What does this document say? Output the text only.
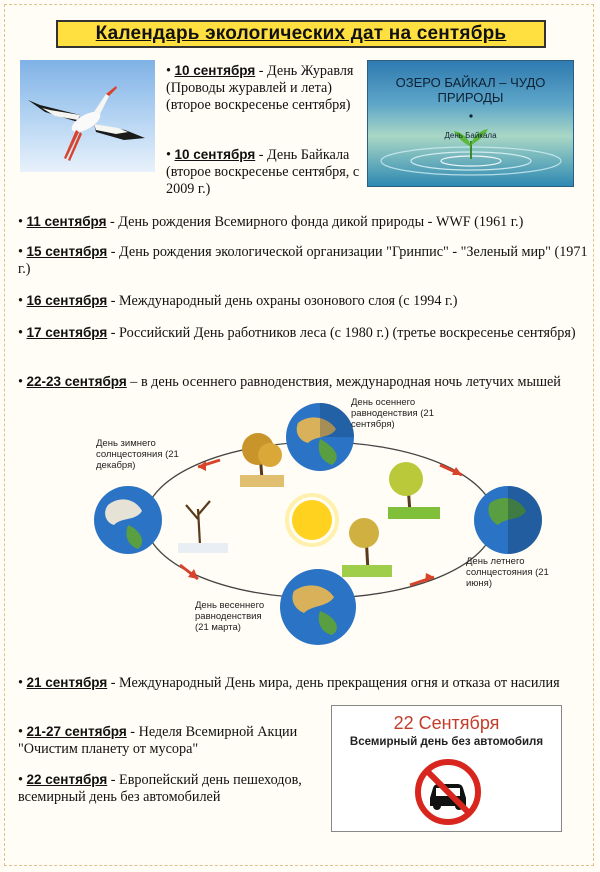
Календарь экологических дат на сентябрь
ОЗЕРО БАЙКАЛ – ЧУДО ПРИРОДЫ
День Байкала
• 10 сентября - День Журавля (Проводы журавлей и лета) (второе воскресенье сентября)
• 10 сентября - День Байкала (второе воскресенье сентября, с 2009 г.)
• 11 сентября - День рождения Всемирного фонда дикой природы - WWF (1961 г.)
• 15 сентября - День рождения экологической организации "Гринпис" - "Зеленый мир" (1971 г.)
• 16 сентября - Международный день охраны озонового слоя (с 1994 г.)
• 17 сентября - Российский День работников леса (с 1980 г.) (третье воскресенье сентября)
• 22-23 сентября – в день осеннего равноденствия, международная ночь летучих мышей
День осеннего равноденствия (21 сентября)
День зимнего солнцестояния (21 декабря)
День летнего солнцестояния (21 июня)
День весеннего равноденствия (21 марта)
• 21 сентября - Международный День мира, день прекращения огня и отказа от насилия
• 21-27 сентября - Неделя Всемирной Акции "Очистим планету от мусора"
• 22 сентября - Европейский день пешеходов, всемирный день без автомобилей
22 Сентября
Всемирный день без автомобиля
